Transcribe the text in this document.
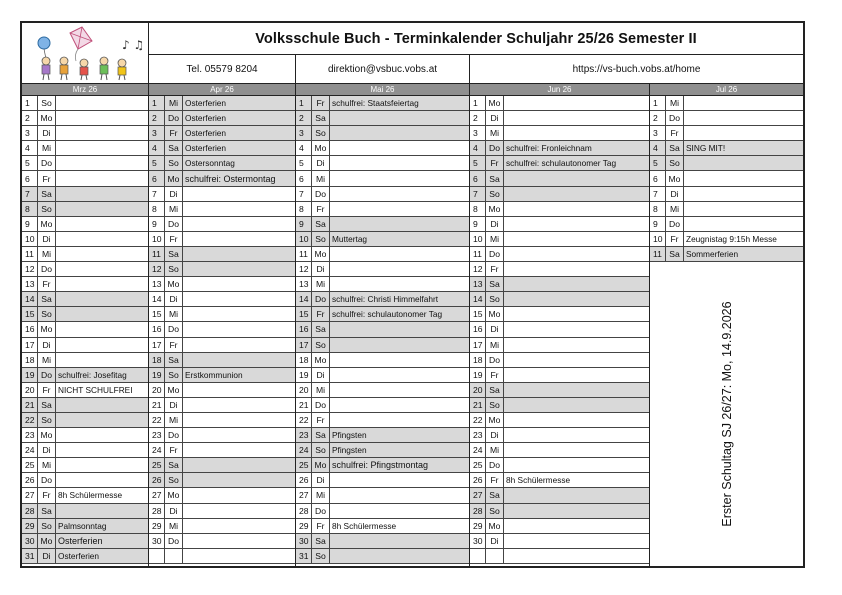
♪ ♫	Volksschule Buch - Terminkalender Schuljahr 25/26 Semester II
Tel. 05579 8204	direktion@vsbuc.vobs.at	https://vs-buch.vobs.at/home
Mrz 26
1	So
2	Mo
3	Di
4	Mi
5	Do
6	Fr
7	Sa
8	So
9	Mo
10 Di
11 Mi
12 Do
13 Fr
14 Sa
15 So
16 Mo
17 Di
18 Mi
19 Do schulfrei: Josefitag
20 Fr NICHT SCHULFREI
21 Sa
22 So
23 Mo
24 Di
25 Mi
26 Do
27 Fr 8h Schülermesse
28 Sa
29 So Palmsonntag
30 Mo Osterferien
31 Di Osterferien
Apr 26
1	Mi Osterferien
2	Do Osterferien
3	Fr Osterferien
4	Sa Osterferien
5	So Ostersonntag
6	Mo schulfrei: Ostermontag
7	Di
8	Mi
9	Do
10 Fr
11 Sa
12 So
13 Mo
14 Di
15 Mi
16 Do
17 Fr
18 Sa
19 So Erstkommunion
20 Mo
21 Di
22 Mi
23 Do
24 Fr
25 Sa
26 So
27 Mo
28 Di
29 Mi
30 Do
Mai 26
1	Fr schulfrei: Staatsfeiertag
2	Sa
3	So
4	Mo
5	Di
6	Mi
7	Do
8	Fr
9	Sa
10 So Muttertag
11 Mo
12 Di
13 Mi
14 Do schulfrei: Christi Himmelfahrt
15 Fr schulfrei: schulautonomer Tag
16 Sa
17 So
18 Mo
19 Di
20 Mi
21 Do
22 Fr
23 Sa Pfingsten
24 So Pfingsten
25 Mo schulfrei: Pfingstmontag
26 Di
27 Mi
28 Do
29 Fr 8h Schülermesse
30 Sa
31 So
Jun 26
1	Mo
2	Di
3	Mi
4	Do schulfrei: Fronleichnam
5	Fr schulfrei: schulautonomer Tag
6	Sa
7	So
8	Mo
9	Di
10 Mi
11 Do
12 Fr
13 Sa
14 So
15 Mo
16 Di
17 Mi
18 Do
19 Fr
20 Sa
21 So
22 Mo
23 Di
24 Mi
25 Do
26 Fr 8h Schülermesse
27 Sa
28 So
29 Mo
30 Di
Jul 26
1	Mi
2	Do
3	Fr
4	Sa SING MIT!
5	So
6	Mo
7	Di
8	Mi
9	Do
10 Fr Zeugnistag 9:15h Messe
11 Sa Sommerferien
Erster Schultag SJ 26/27: Mo, 14.9.2026
